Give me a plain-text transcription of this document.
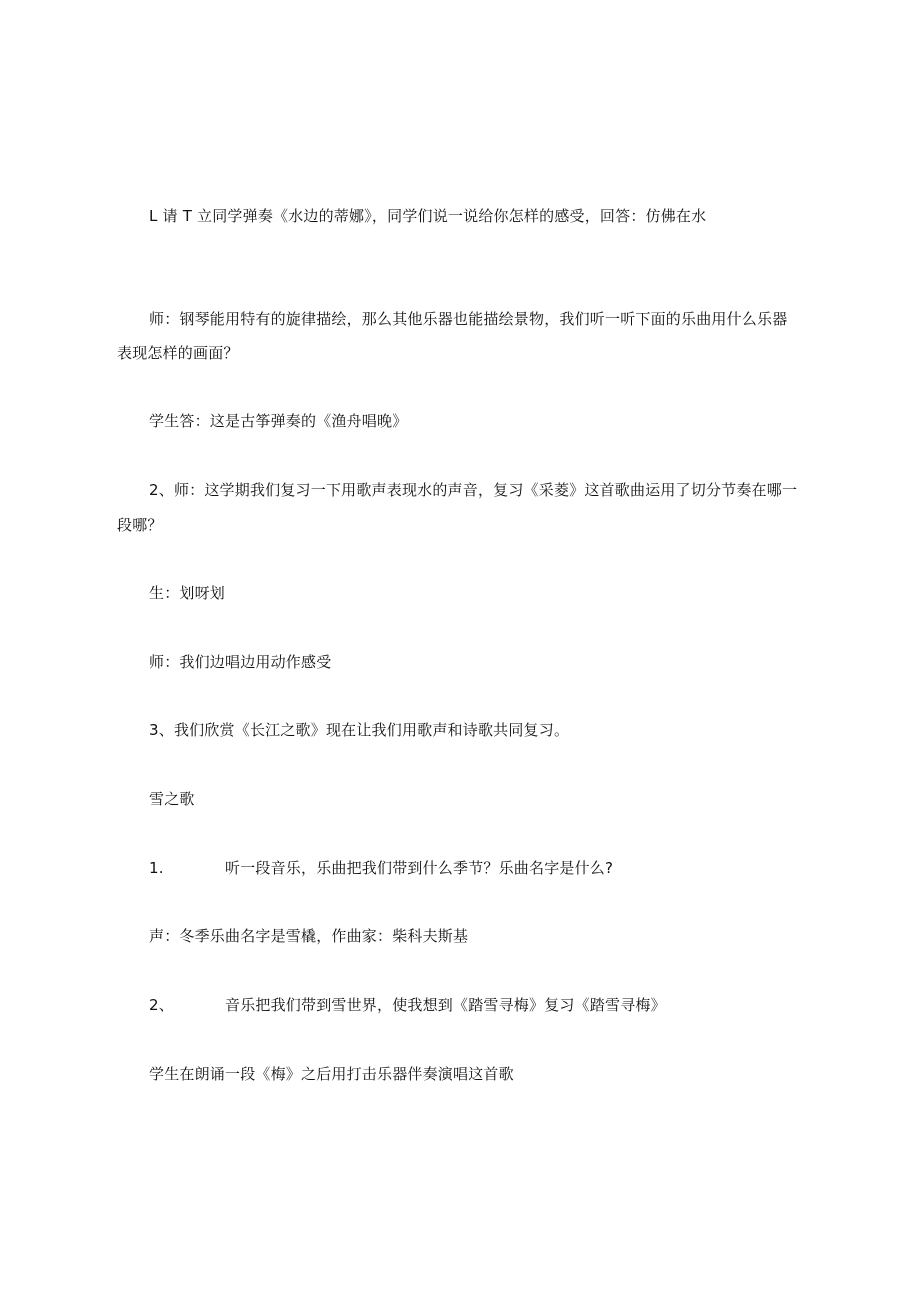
L 请 T 立同学弹奏《水边的蒂娜》，同学们说一说给你怎样的感受，回答：仿佛在水
师：钢琴能用特有的旋律描绘，那么其他乐器也能描绘景物，我们听一听下面的乐曲用什么乐器
表现怎样的画面？
学生答：这是古筝弹奏的《渔舟唱晚》
2、师：这学期我们复习一下用歌声表现水的声音，复习《采菱》这首歌曲运用了切分节奏在哪一
段哪？
生：划呀划
师：我们边唱边用动作感受
3、我们欣赏《长江之歌》现在让我们用歌声和诗歌共同复习。
雪之歌
1.	听一段音乐，乐曲把我们带到什么季节？乐曲名字是什么?
声：冬季乐曲名字是雪橇，作曲家：柴科夫斯基
2、	音乐把我们带到雪世界，使我想到《踏雪寻梅》复习《踏雪寻梅》
学生在朗诵一段《梅》之后用打击乐器伴奏演唱这首歌
